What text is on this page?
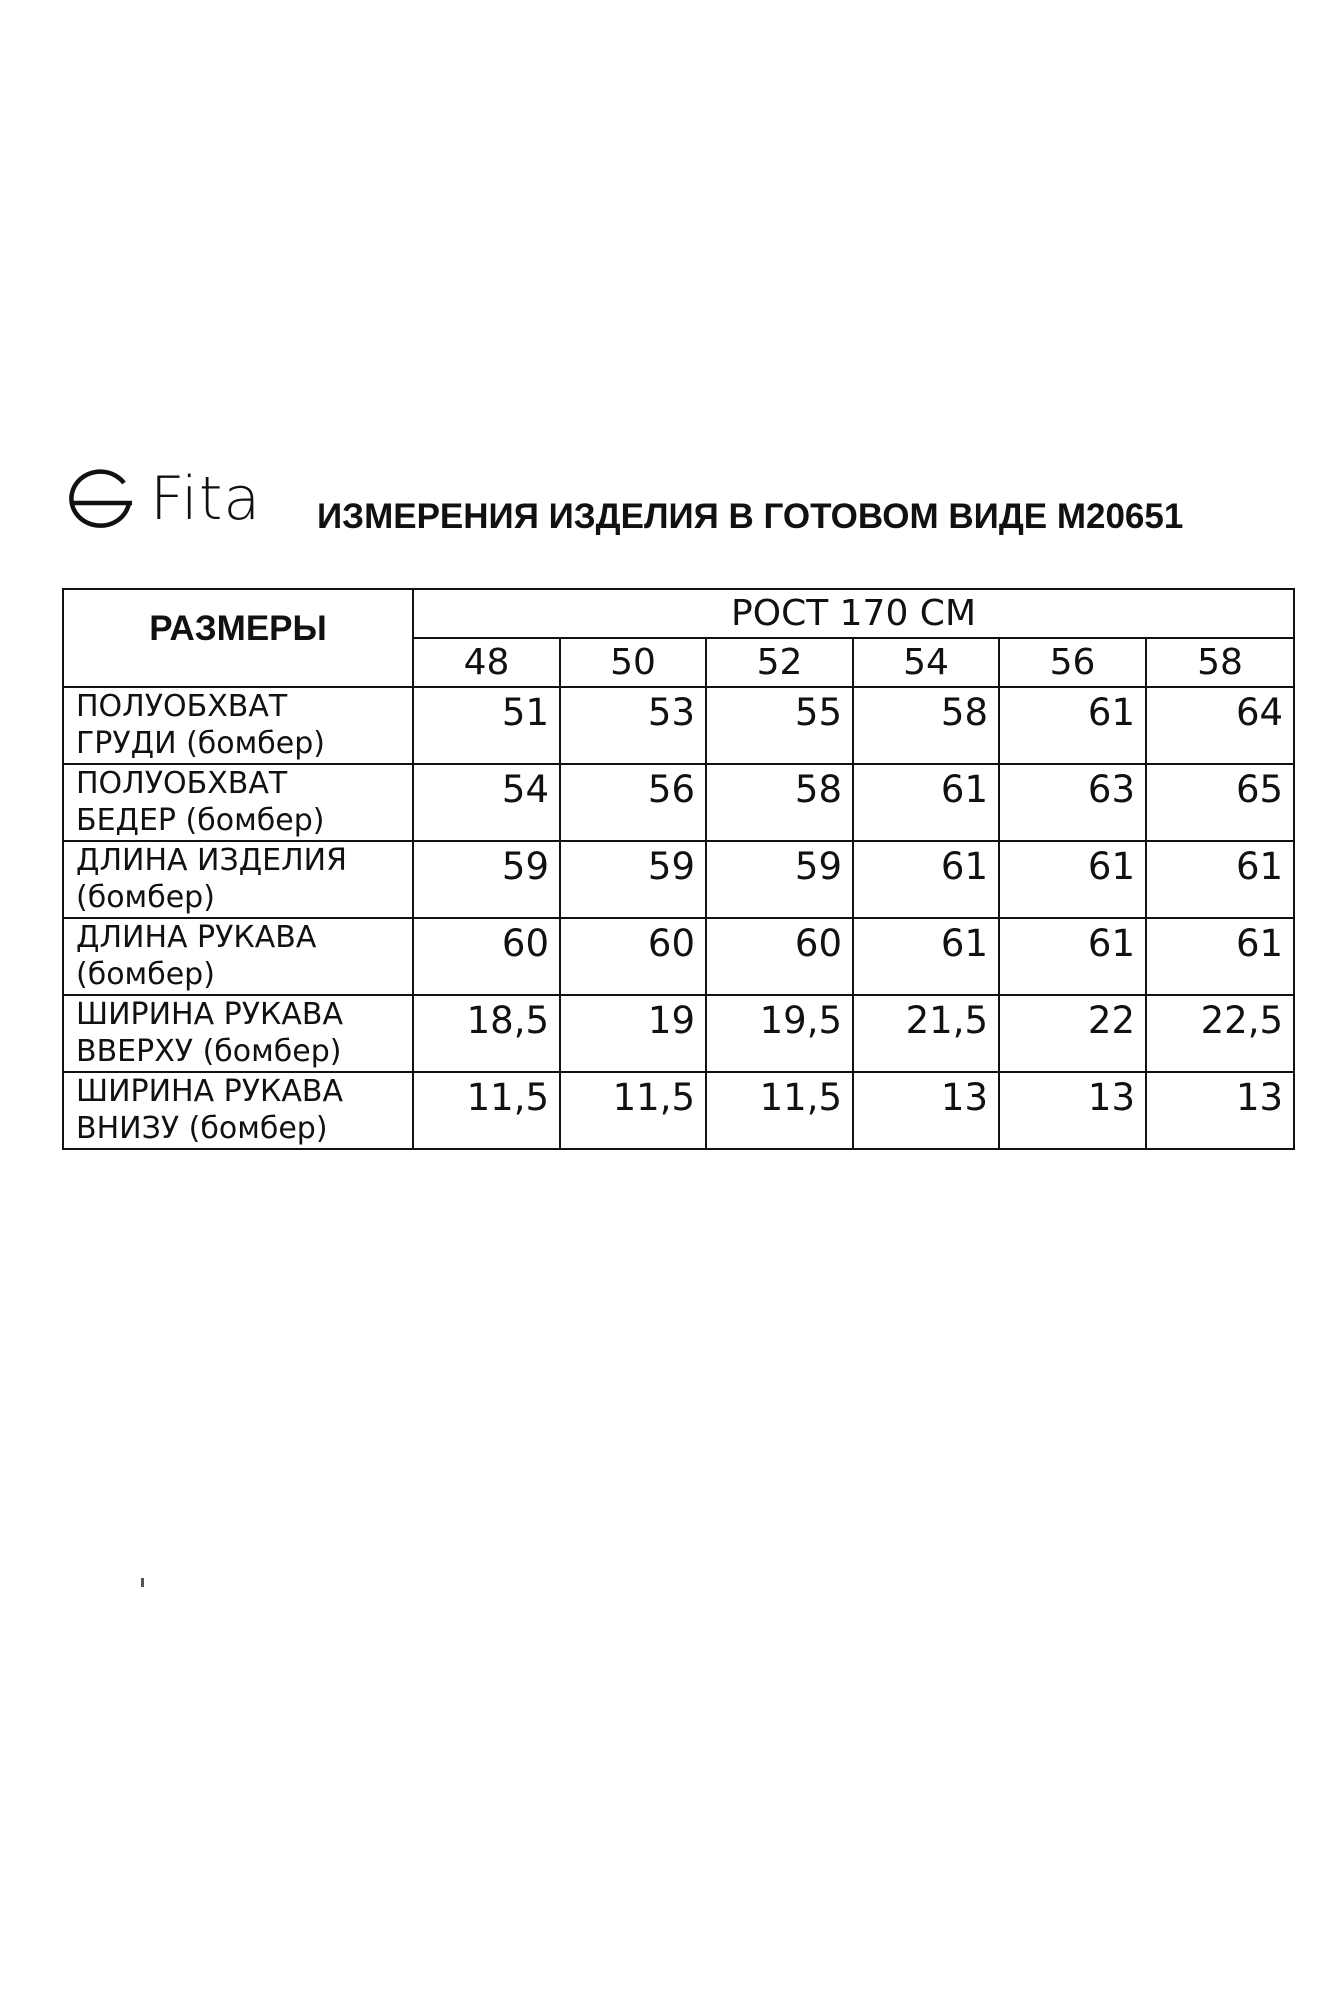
Fita ИЗМЕРЕНИЯ ИЗДЕЛИЯ В ГОТОВОМ ВИДЕ М20651
РАЗМЕРЫ	РОСТ 170 СМ					
	48	50	52	54	56	58

ПОЛУОБХВАТ
ГРУДИ (бомбер)	51	53	55	58	61	64

ПОЛУОБХВАТ
БЕДЕР (бомбер)	54	56	58	61	63	65

ДЛИНА ИЗДЕЛИЯ
(бомбер)	59	59	59	61	61	61

ДЛИНА РУКАВА
(бомбер)	60	60	60	61	61	61

ШИРИНА РУКАВА
ВВЕРХУ (бомбер)	18,5	19	19,5	21,5	22	22,5

ШИРИНА РУКАВА
ВНИЗУ (бомбер)	11,5	11,5	11,5	13	13	13
